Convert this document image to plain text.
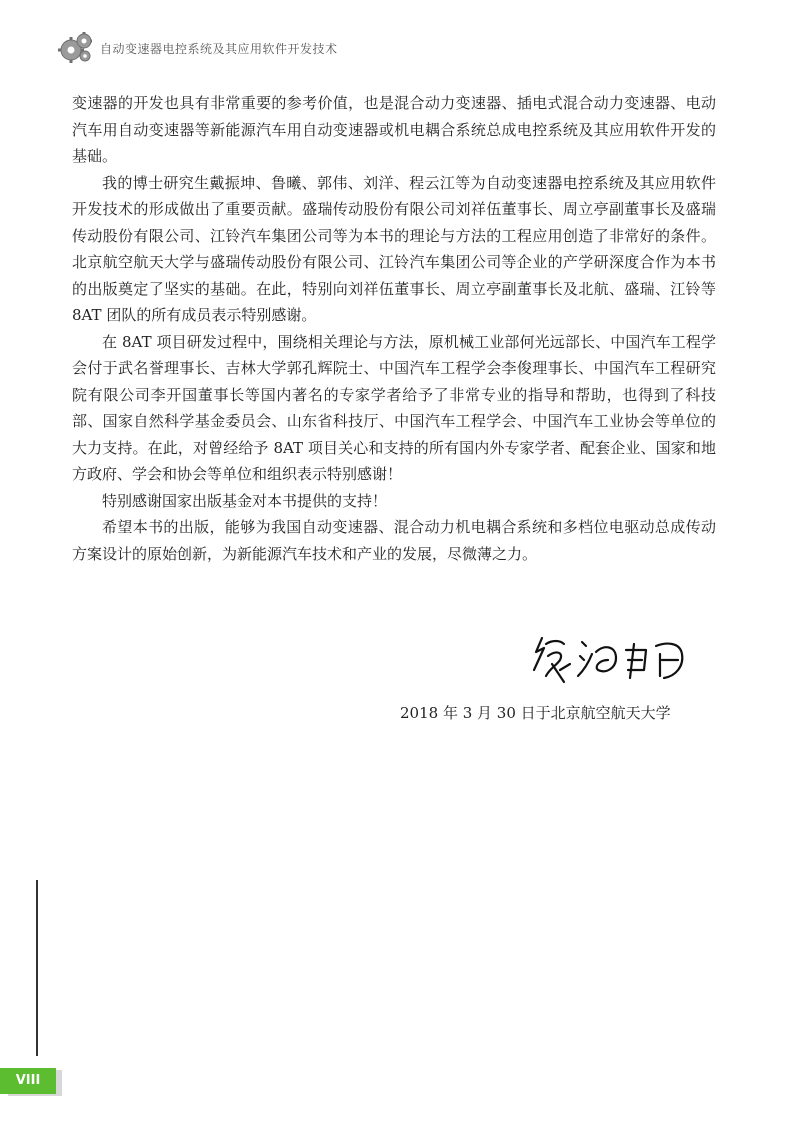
自动变速器电控系统及其应用软件开发技术

变速器的开发也具有非常重要的参考价值，也是混合动力变速器、插电式混合动力变速器、电动汽车用自动变速器等新能源汽车用自动变速器或机电耦合系统总成电控系统及其应用软件开发的基础。

我的博士研究生戴振坤、鲁曦、郭伟、刘洋、程云江等为自动变速器电控系统及其应用软件开发技术的形成做出了重要贡献。盛瑞传动股份有限公司刘祥伍董事长、周立亭副董事长及盛瑞传动股份有限公司、江铃汽车集团公司等为本书的理论与方法的工程应用创造了非常好的条件。北京航空航天大学与盛瑞传动股份有限公司、江铃汽车集团公司等企业的产学研深度合作为本书的出版奠定了坚实的基础。在此，特别向刘祥伍董事长、周立亭副董事长及北航、盛瑞、江铃等 8AT 团队的所有成员表示特别感谢。

在 8AT 项目研发过程中，围绕相关理论与方法，原机械工业部何光远部长、中国汽车工程学会付于武名誉理事长、吉林大学郭孔辉院士、中国汽车工程学会李俊理事长、中国汽车工程研究院有限公司李开国董事长等国内著名的专家学者给予了非常专业的指导和帮助，也得到了科技部、国家自然科学基金委员会、山东省科技厅、中国汽车工程学会、中国汽车工业协会等单位的大力支持。在此，对曾经给予 8AT 项目关心和支持的所有国内外专家学者、配套企业、国家和地方政府、学会和协会等单位和组织表示特别感谢！

特别感谢国家出版基金对本书提供的支持！

希望本书的出版，能够为我国自动变速器、混合动力机电耦合系统和多档位电驱动总成传动方案设计的原始创新，为新能源汽车技术和产业的发展，尽微薄之力。

2018 年 3 月 30 日于北京航空航天大学
VIII
